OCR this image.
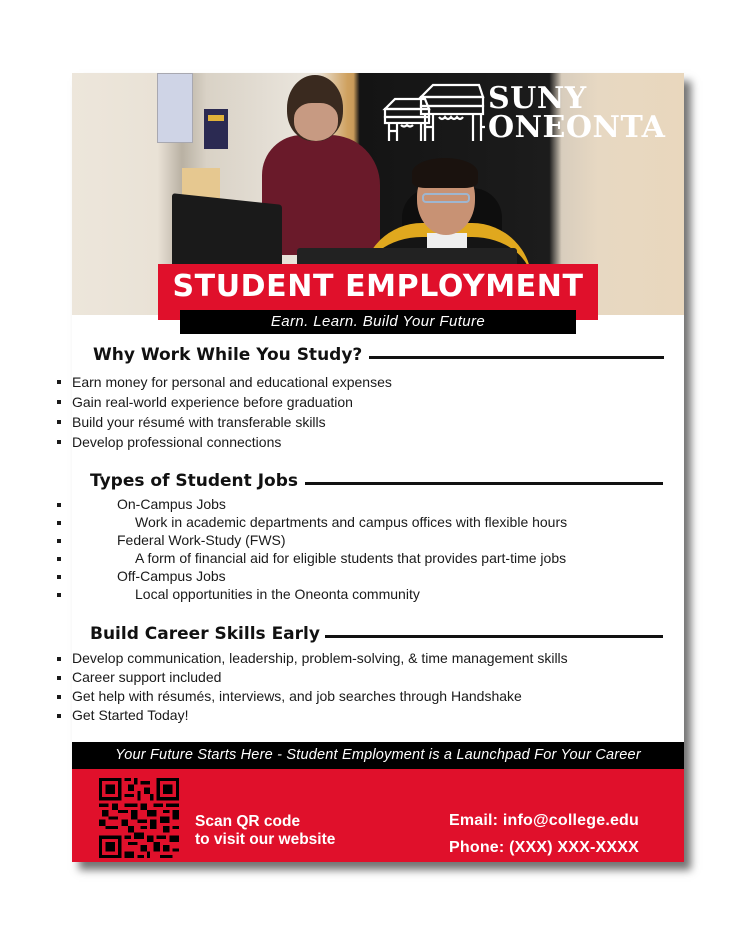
SUNY
ONEONTA
STUDENT EMPLOYMENT
Earn. Learn. Build Your Future
Why Work While You Study?
Earn money for personal and educational expenses
Gain real-world experience before graduation
Build your résumé with transferable skills
Develop professional connections
Types of Student Jobs
On-Campus Jobs
Work in academic departments and campus offices with flexible hours
Federal Work-Study (FWS)
A form of financial aid for eligible students that provides part-time jobs
Off-Campus Jobs
Local opportunities in the Oneonta community
Build Career Skills Early
Develop communication, leadership, problem-solving, & time management skills
Career support included
Get help with résumés, interviews, and job searches through Handshake
Get Started Today!
Your Future Starts Here - Student Employment is a Launchpad For Your Career
Scan QR code
to visit our website
Email: info@college.edu
Phone: (XXX) XXX-XXXX
